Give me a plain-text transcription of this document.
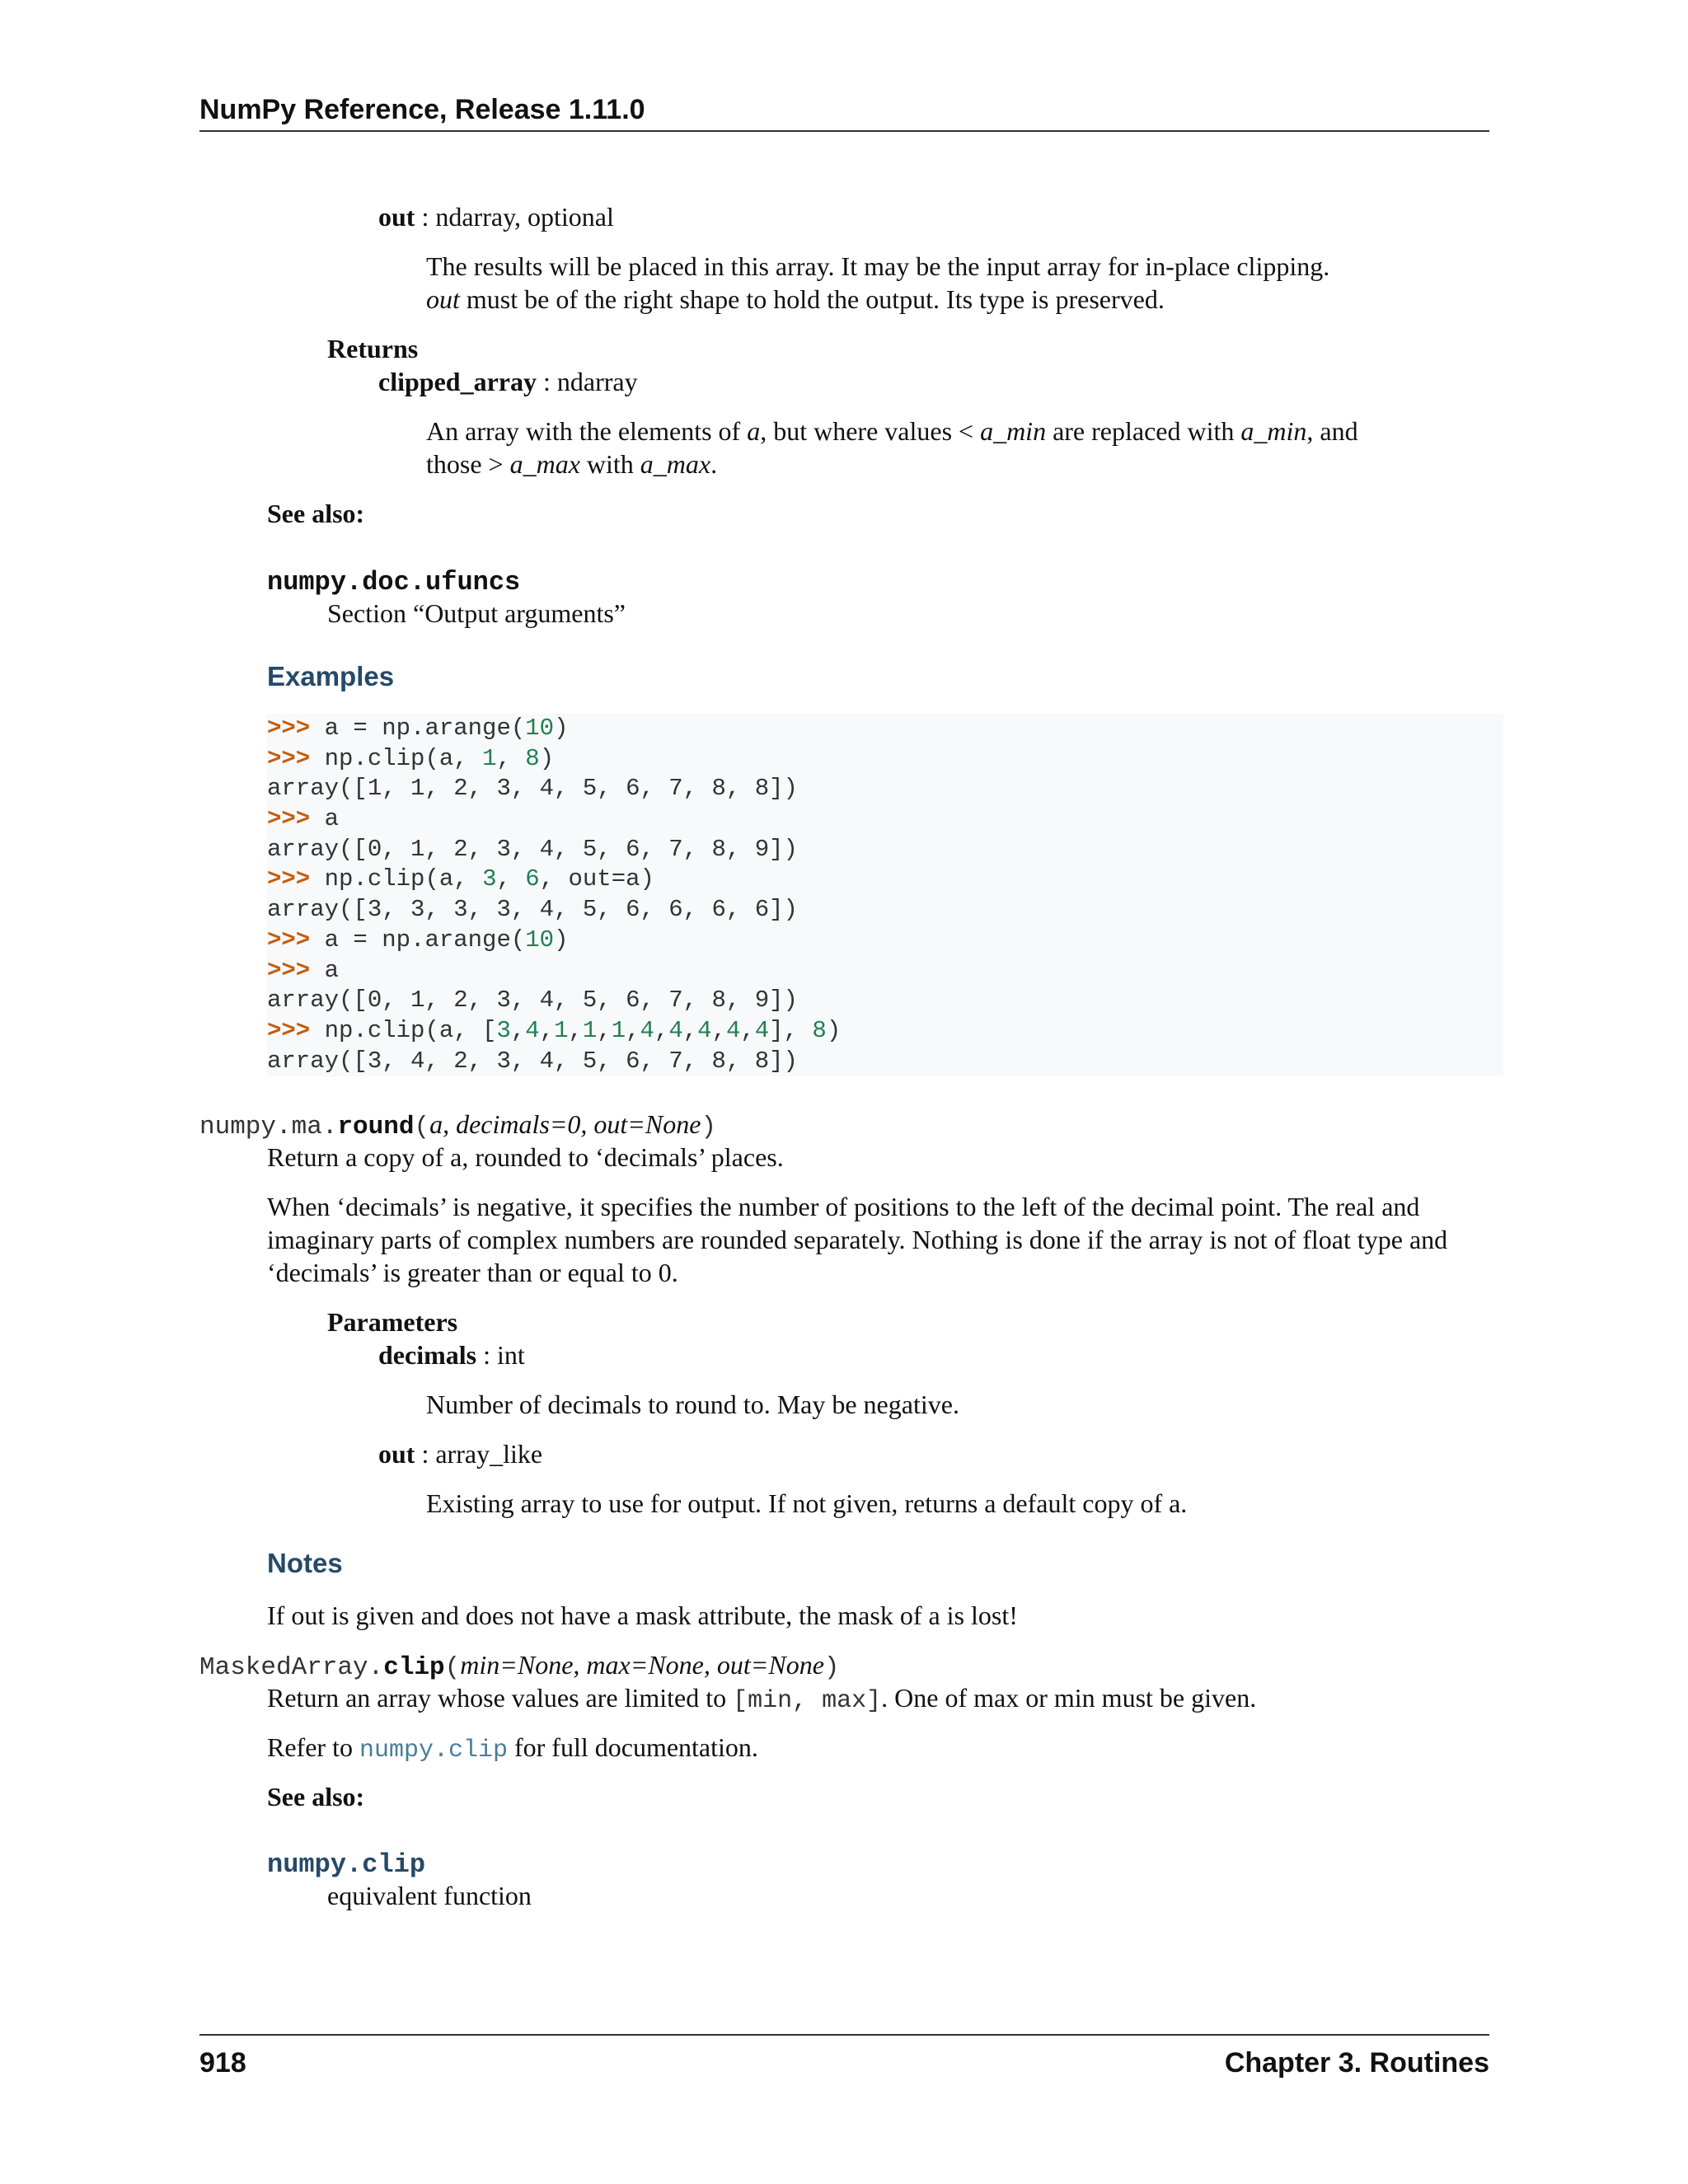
NumPy Reference, Release 1.11.0
out : ndarray, optional
The results will be placed in this array. It may be the input array for in-place clipping.
out must be of the right shape to hold the output. Its type is preserved.
Returns
clipped_array : ndarray
An array with the elements of a, but where values < a_min are replaced with a_min, and
those > a_max with a_max.
See also:
numpy.doc.ufuncs
Section “Output arguments”
Examples
>>> a = np.arange(10)
>>> np.clip(a, 1, 8)
array([1, 1, 2, 3, 4, 5, 6, 7, 8, 8])
>>> a
array([0, 1, 2, 3, 4, 5, 6, 7, 8, 9])
>>> np.clip(a, 3, 6, out=a)
array([3, 3, 3, 3, 4, 5, 6, 6, 6, 6])
>>> a = np.arange(10)
>>> a
array([0, 1, 2, 3, 4, 5, 6, 7, 8, 9])
>>> np.clip(a, [3,4,1,1,1,4,4,4,4,4], 8)
array([3, 4, 2, 3, 4, 5, 6, 7, 8, 8])
numpy.ma.round(a, decimals=0, out=None)
Return a copy of a, rounded to ‘decimals’ places.
When ‘decimals’ is negative, it specifies the number of positions to the left of the decimal point. The real and
imaginary parts of complex numbers are rounded separately. Nothing is done if the array is not of float type and
‘decimals’ is greater than or equal to 0.
Parameters
decimals : int
Number of decimals to round to. May be negative.
out : array_like
Existing array to use for output. If not given, returns a default copy of a.
Notes
If out is given and does not have a mask attribute, the mask of a is lost!
MaskedArray.clip(min=None, max=None, out=None)
Return an array whose values are limited to [min, max]. One of max or min must be given.
Refer to numpy.clip for full documentation.
See also:
numpy.clip
equivalent function
918	Chapter 3. Routines
